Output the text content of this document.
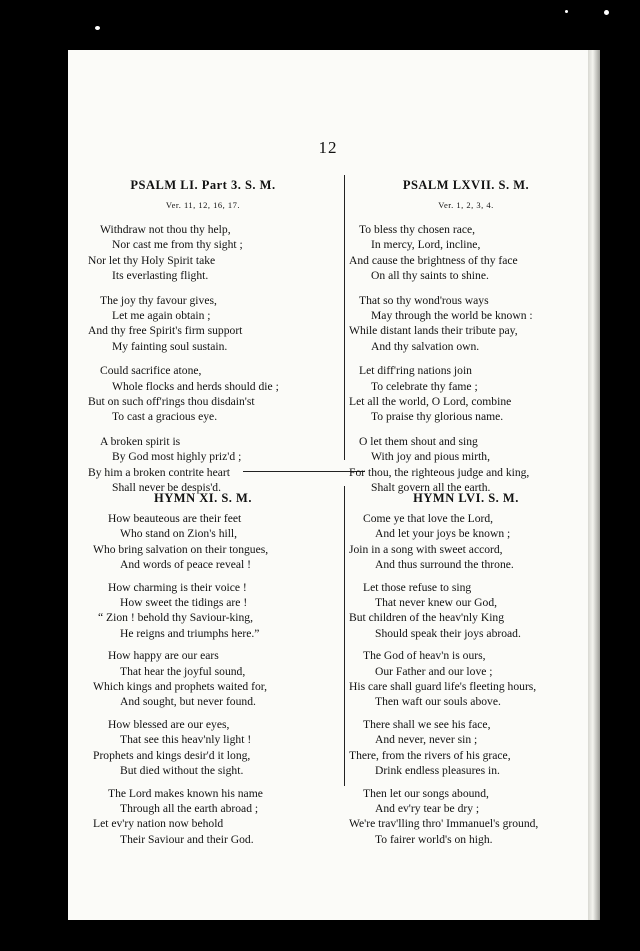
12
PSALM LI. Part 3. S. M.
Ver. 11, 12, 16, 17.
Withdraw not thou thy help,
Nor cast me from thy sight ;
Nor let thy Holy Spirit take
Its everlasting flight.
The joy thy favour gives,
Let me again obtain ;
And thy free Spirit's firm support
My fainting soul sustain.
Could sacrifice atone,
Whole flocks and herds should die ;
But on such off'rings thou disdain'st
To cast a gracious eye.
A broken spirit is
By God most highly priz'd ;
By him a broken contrite heart
Shall never be despis'd.
PSALM LXVII. S. M.
Ver. 1, 2, 3, 4.
To bless thy chosen race,
In mercy, Lord, incline,
And cause the brightness of thy face
On all thy saints to shine.
That so thy wond'rous ways
May through the world be known :
While distant lands their tribute pay,
And thy salvation own.
Let diff'ring nations join
To celebrate thy fame ;
Let all the world, O Lord, combine
To praise thy glorious name.
O let them shout and sing
With joy and pious mirth,
For thou, the righteous judge and king,
Shalt govern all the earth.
HYMN XI. S. M.
How beauteous are their feet
Who stand on Zion's hill,
Who bring salvation on their tongues,
And words of peace reveal !
How charming is their voice !
How sweet the tidings are !
“ Zion ! behold thy Saviour-king,
He reigns and triumphs here.”
How happy are our ears
That hear the joyful sound,
Which kings and prophets waited for,
And sought, but never found.
How blessed are our eyes,
That see this heav'nly light !
Prophets and kings desir'd it long,
But died without the sight.
The Lord makes known his name
Through all the earth abroad ;
Let ev'ry nation now behold
Their Saviour and their God.
HYMN LVI. S. M.
Come ye that love the Lord,
And let your joys be known ;
Join in a song with sweet accord,
And thus surround the throne.
Let those refuse to sing
That never knew our God,
But children of the heav'nly King
Should speak their joys abroad.
The God of heav'n is ours,
Our Father and our love ;
His care shall guard life's fleeting hours,
Then waft our souls above.
There shall we see his face,
And never, never sin ;
There, from the rivers of his grace,
Drink endless pleasures in.
Then let our songs abound,
And ev'ry tear be dry ;
We're trav'lling thro' Immanuel's ground,
To fairer world's on high.
